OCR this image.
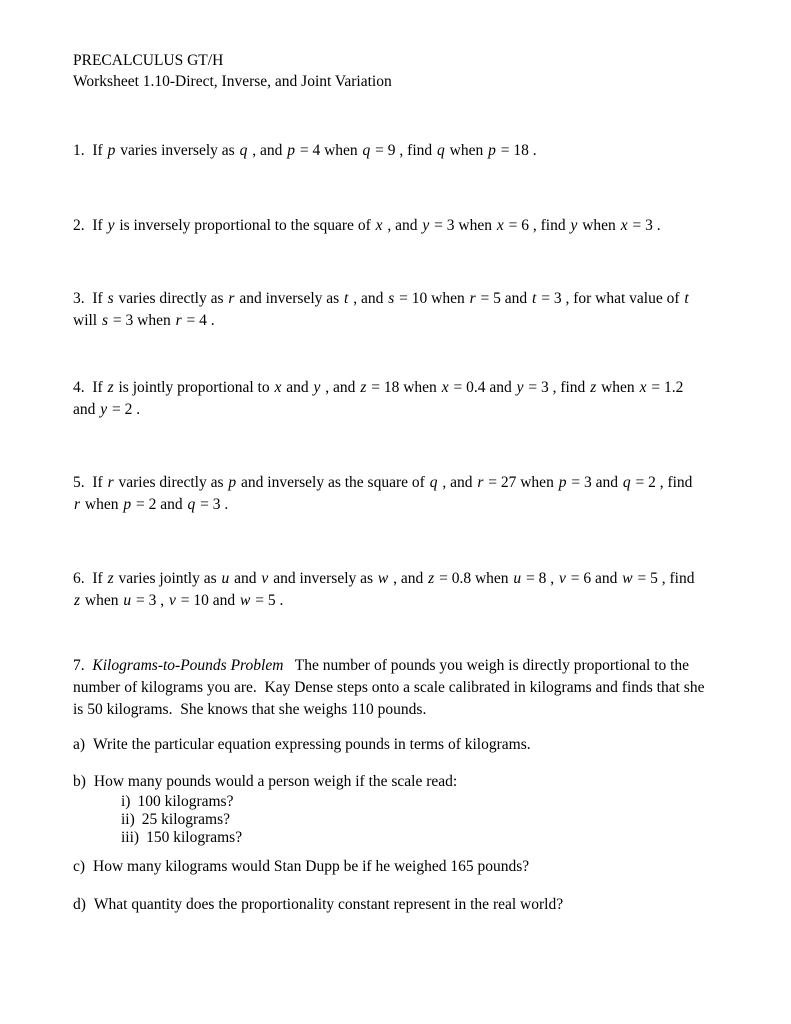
PRECALCULUS GT/H
Worksheet 1.10-Direct, Inverse, and Joint Variation
1.  If p varies inversely as q , and p = 4 when q = 9 , find q when p = 18 .
2.  If y is inversely proportional to the square of x , and y = 3 when x = 6 , find y when x = 3 .
3.  If s varies directly as r and inversely as t , and s = 10 when r = 5 and t = 3 , for what value of t
will s = 3 when r = 4 .
4.  If z is jointly proportional to x and y , and z = 18 when x = 0.4 and y = 3 , find z when x = 1.2
and y = 2 .
5.  If r varies directly as p and inversely as the square of q , and r = 27 when p = 3 and q = 2 , find
r when p = 2 and q = 3 .
6.  If z varies jointly as u and v and inversely as w , and z = 0.8 when u = 8 , v = 6 and w = 5 , find
z when u = 3 , v = 10 and w = 5 .
7.  Kilograms-to-Pounds Problem   The number of pounds you weigh is directly proportional to the
number of kilograms you are.  Kay Dense steps onto a scale calibrated in kilograms and finds that she
is 50 kilograms.  She knows that she weighs 110 pounds.
a) Write the particular equation expressing pounds in terms of kilograms.
b) How many pounds would a person weigh if the scale read:
i) 100 kilograms?
ii) 25 kilograms?
iii) 150 kilograms?
c) How many kilograms would Stan Dupp be if he weighed 165 pounds?
d) What quantity does the proportionality constant represent in the real world?
